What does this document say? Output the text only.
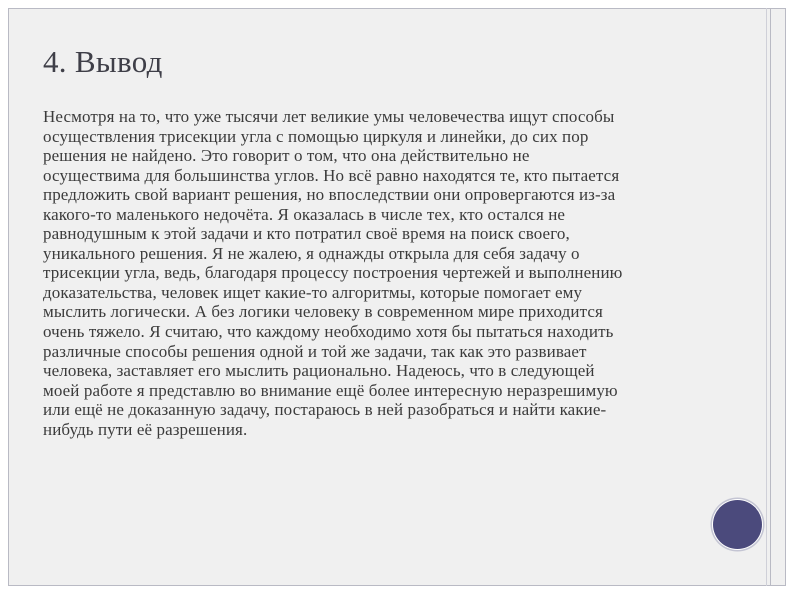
4. Вывод
Несмотря на то, что уже тысячи лет великие умы человечества ищут способы
осуществления трисекции угла с помощью циркуля и линейки, до сих пор
решения не найдено. Это говорит о том, что она действительно не
осуществима для большинства углов. Но всё равно находятся те, кто пытается
предложить свой вариант решения, но впоследствии они опровергаются из-за
какого-то маленького недочёта. Я оказалась в числе тех, кто остался не
равнодушным к этой задачи и кто потратил своё время на поиск своего,
уникального решения. Я не жалею, я однажды открыла для себя задачу о
трисекции угла, ведь, благодаря процессу построения чертежей и выполнению
доказательства, человек ищет какие-то алгоритмы, которые помогает ему
мыслить логически. А без логики человеку в современном мире приходится
очень тяжело. Я считаю, что каждому необходимо хотя бы пытаться находить
различные способы решения одной и той же задачи, так как это развивает
человека, заставляет его мыслить рационально. Надеюсь, что в следующей
моей работе я представлю во внимание ещё более интересную неразрешимую
или ещё не доказанную задачу, постараюсь в ней разобраться и найти какие-
нибудь пути её разрешения.
